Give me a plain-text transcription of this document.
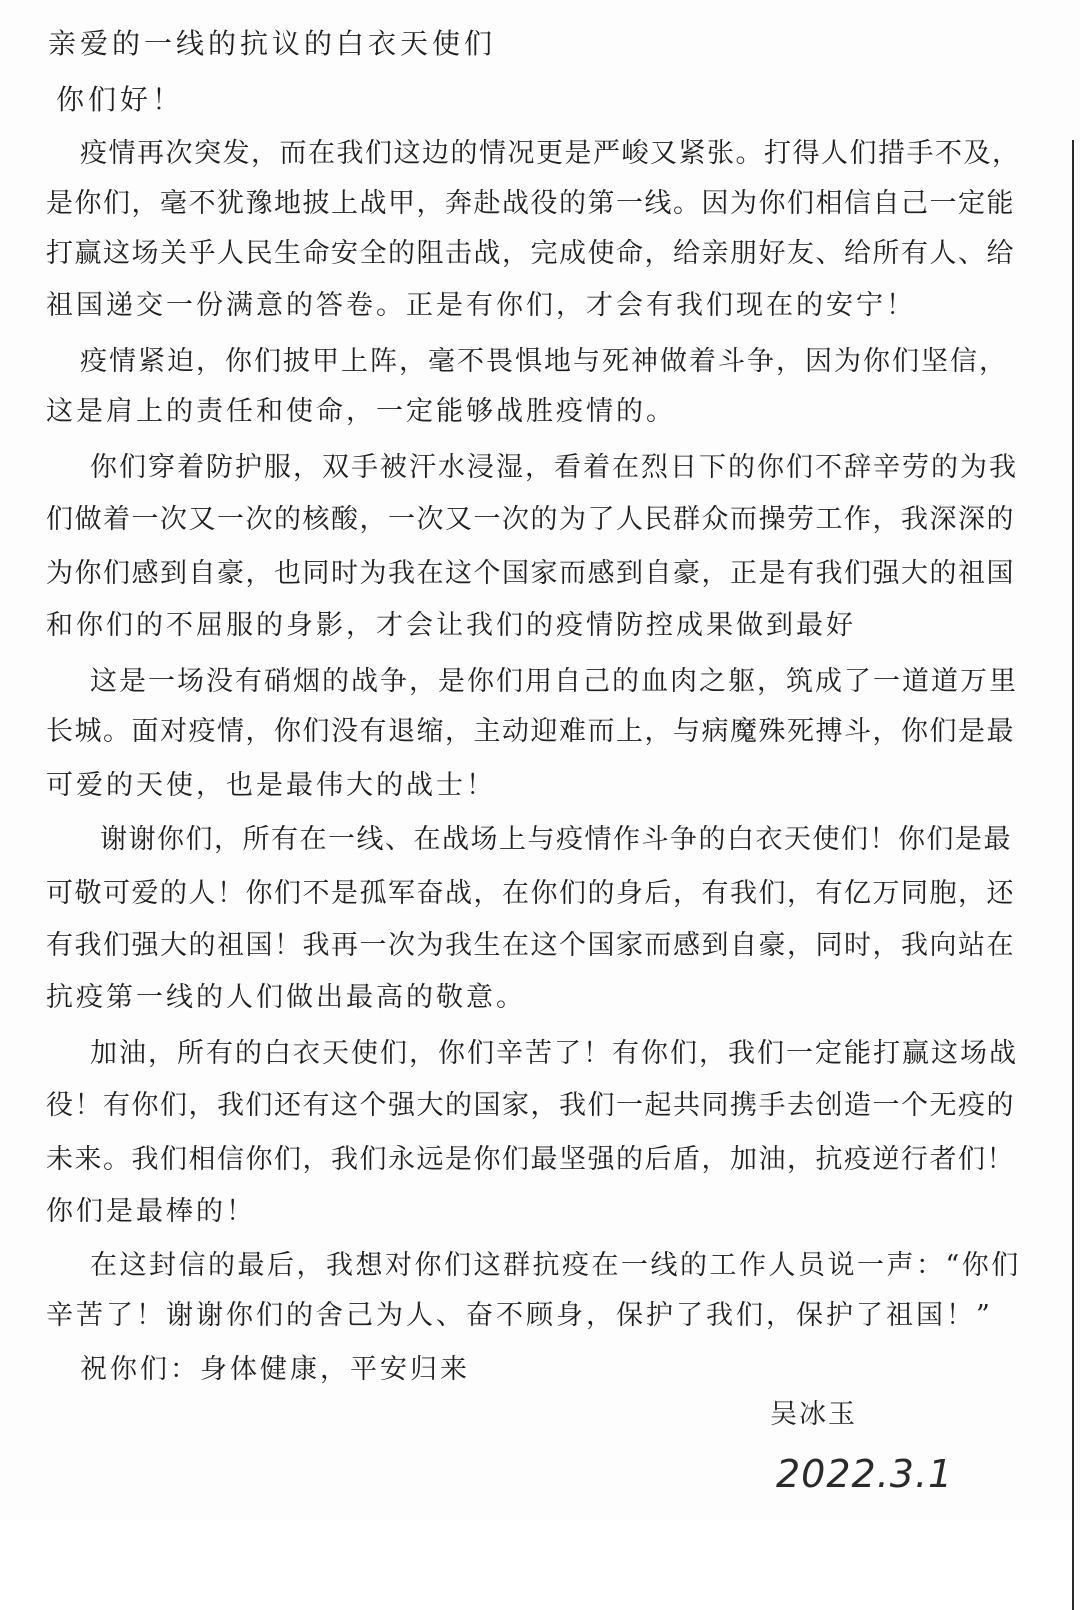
亲爱的一线的抗议的白衣天使们
你们好！
疫情再次突发，而在我们这边的情况更是严峻又紧张。打得人们措手不及，
是你们，毫不犹豫地披上战甲，奔赴战役的第一线。因为你们相信自己一定能
打赢这场关乎人民生命安全的阻击战，完成使命，给亲朋好友、给所有人、给
祖国递交一份满意的答卷。正是有你们，才会有我们现在的安宁！
疫情紧迫，你们披甲上阵，毫不畏惧地与死神做着斗争，因为你们坚信，
这是肩上的责任和使命，一定能够战胜疫情的。
你们穿着防护服，双手被汗水浸湿，看着在烈日下的你们不辞辛劳的为我
们做着一次又一次的核酸，一次又一次的为了人民群众而操劳工作，我深深的
为你们感到自豪，也同时为我在这个国家而感到自豪，正是有我们强大的祖国
和你们的不屈服的身影，才会让我们的疫情防控成果做到最好
这是一场没有硝烟的战争，是你们用自己的血肉之躯，筑成了一道道万里
长城。面对疫情，你们没有退缩，主动迎难而上，与病魔殊死搏斗，你们是最
可爱的天使，也是最伟大的战士！
谢谢你们，所有在一线、在战场上与疫情作斗争的白衣天使们！你们是最
可敬可爱的人！你们不是孤军奋战，在你们的身后，有我们，有亿万同胞，还
有我们强大的祖国！我再一次为我生在这个国家而感到自豪，同时，我向站在
抗疫第一线的人们做出最高的敬意。
加油，所有的白衣天使们，你们辛苦了！有你们，我们一定能打赢这场战
役！有你们，我们还有这个强大的国家，我们一起共同携手去创造一个无疫的
未来。我们相信你们，我们永远是你们最坚强的后盾，加油，抗疫逆行者们！
你们是最棒的！
在这封信的最后，我想对你们这群抗疫在一线的工作人员说一声：“你们
辛苦了！谢谢你们的舍己为人、奋不顾身，保护了我们，保护了祖国！”
祝你们：身体健康，平安归来
吴冰玉
2022.3.1
